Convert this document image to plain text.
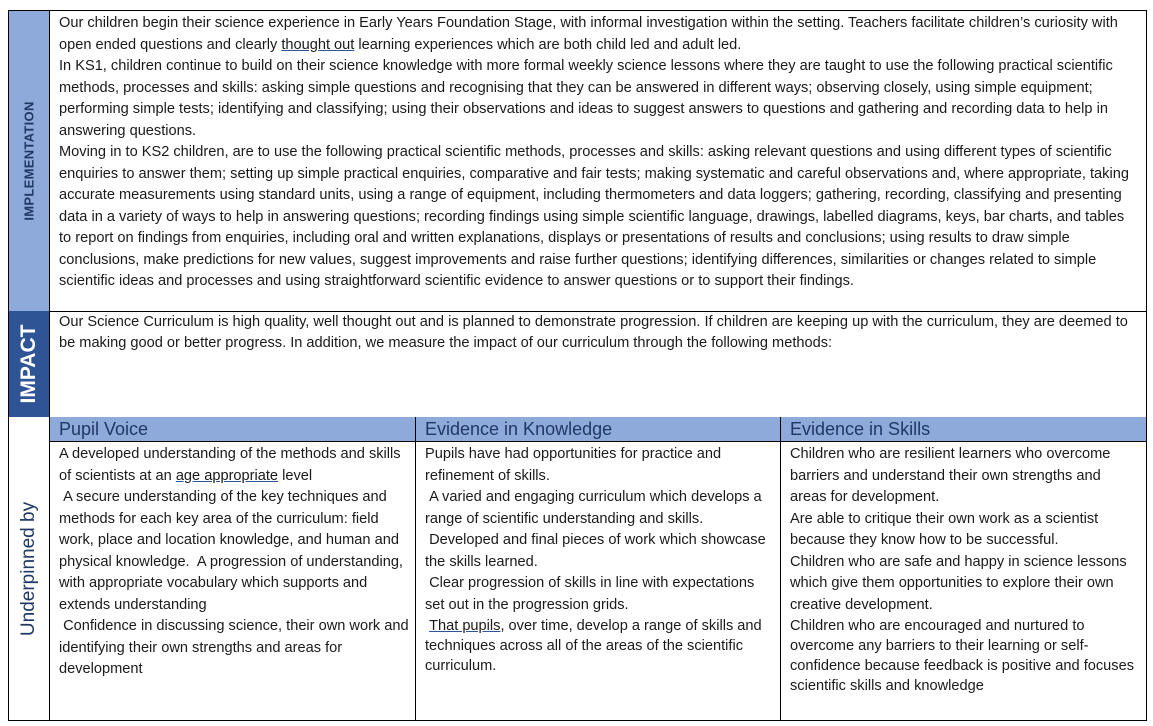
IMPLEMENTATION

Our children begin their science experience in Early Years Foundation Stage, with informal investigation within the setting. Teachers facilitate children’s curiosity with open ended questions and clearly thought out learning experiences which are both child led and adult led.

In KS1, children continue to build on their science knowledge with more formal weekly science lessons where they are taught to use the following practical scientific methods, processes and skills: asking simple questions and recognising that they can be answered in different ways; observing closely, using simple equipment; performing simple tests; identifying and classifying; using their observations and ideas to suggest answers to questions and gathering and recording data to help in answering questions.

Moving in to KS2 children, are to use the following practical scientific methods, processes and skills: asking relevant questions and using different types of scientific enquiries to answer them; setting up simple practical enquiries, comparative and fair tests; making systematic and careful observations and, where appropriate, taking accurate measurements using standard units, using a range of equipment, including thermometers and data loggers; gathering, recording, classifying and presenting data in a variety of ways to help in answering questions; recording findings using simple scientific language, drawings, labelled diagrams, keys, bar charts, and tables to report on findings from enquiries, including oral and written explanations, displays or presentations of results and conclusions; using results to draw simple conclusions, make predictions for new values, suggest improvements and raise further questions; identifying differences, similarities or changes related to simple scientific ideas and processes and using straightforward scientific evidence to answer questions or to support their findings.

IMPACT

Our Science Curriculum is high quality, well thought out and is planned to demonstrate progression. If children are keeping up with the curriculum, they are deemed to be making good or better progress. In addition, we measure the impact of our curriculum through the following methods:

Underpinned by
Pupil Voice

A developed understanding of the methods and skills of scientists at an age appropriate level

A secure understanding of the key techniques and methods for each key area of the curriculum: field work, place and location knowledge, and human and physical knowledge.  A progression of understanding, with appropriate vocabulary which supports and extends understanding

Confidence in discussing science, their own work and identifying their own strengths and areas for development

Evidence in Knowledge

Pupils have had opportunities for practice and refinement of skills.

A varied and engaging curriculum which develops a range of scientific understanding and skills.

Developed and final pieces of work which showcase the skills learned.

Clear progression of skills in line with expectations set out in the progression grids.

That pupils, over time, develop a range of skills and techniques across all of the areas of the scientific curriculum.

Evidence in Skills

Children who are resilient learners who overcome barriers and understand their own strengths and areas for development.

Are able to critique their own work as a scientist because they know how to be successful.

Children who are safe and happy in science lessons which give them opportunities to explore their own creative development.

Children who are encouraged and nurtured to overcome any barriers to their learning or self-confidence because feedback is positive and focuses scientific skills and knowledge
